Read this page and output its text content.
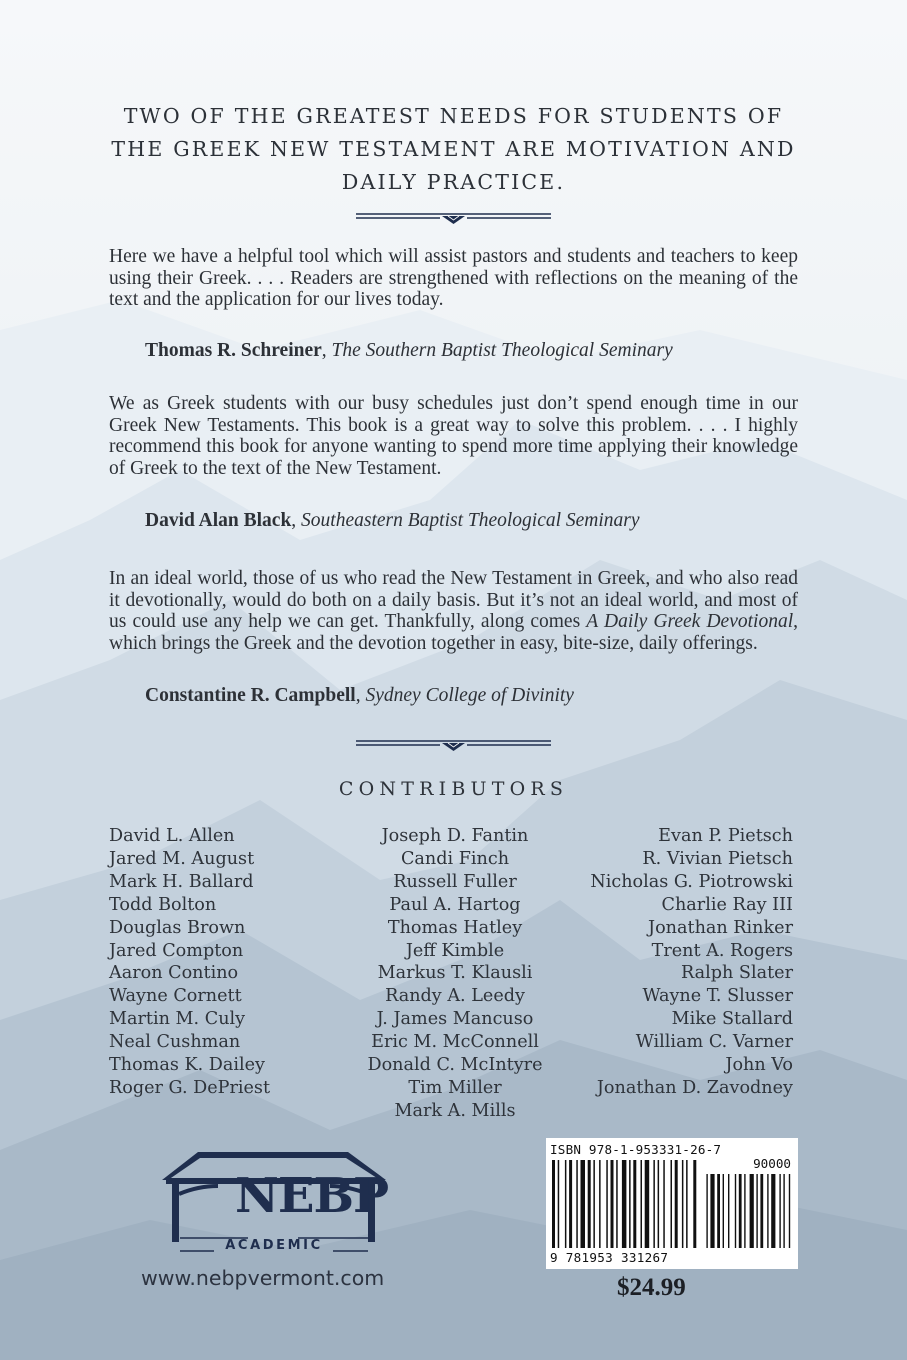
TWO OF THE GREATEST NEEDS FOR STUDENTS OF
THE GREEK NEW TESTAMENT ARE MOTIVATION AND
DAILY PRACTICE.

Here we have a helpful tool which will assist pastors and students and teachers to keep using their Greek. . . . Readers are strengthened with reflections on the meaning of the text and the application for our lives today.

Thomas R. Schreiner, The Southern Baptist Theological Seminary

We as Greek students with our busy schedules just don’t spend enough time in our Greek New Testaments. This book is a great way to solve this problem. . . . I highly recommend this book for anyone wanting to spend more time applying their knowledge of Greek to the text of the New Testament.

David Alan Black, Southeastern Baptist Theological Seminary

In an ideal world, those of us who read the New Testament in Greek, and who also read it devotionally, would do both on a daily basis. But it’s not an ideal world, and most of us could use any help we can get. Thankfully, along comes A Daily Greek Devotional, which brings the Greek and the devotion together in easy, bite-size, daily offerings.

Constantine R. Campbell, Sydney College of Divinity
CONTRIBUTORS
David L. Allen
Jared M. August
Mark H. Ballard
Todd Bolton
Douglas Brown
Jared Compton
Aaron Contino
Wayne Cornett
Martin M. Culy
Neal Cushman
Thomas K. Dailey
Roger G. DePriest
Joseph D. Fantin
Candi Finch
Russell Fuller
Paul A. Hartog
Thomas Hatley
Jeff Kimble
Markus T. Klausli
Randy A. Leedy
J. James Mancuso
Eric M. McConnell
Donald C. McIntyre
Tim Miller
Mark A. Mills
Evan P. Pietsch
R. Vivian Pietsch
Nicholas G. Piotrowski
Charlie Ray III
Jonathan Rinker
Trent A. Rogers
Ralph Slater
Wayne T. Slusser
Mike Stallard
William C. Varner
John Vo
Jonathan D. Zavodney
NEBP
ACADEMIC
www.nebpvermont.com
ISBN 978-1-953331-26-7
90000
9 781953 331267
$24.99
